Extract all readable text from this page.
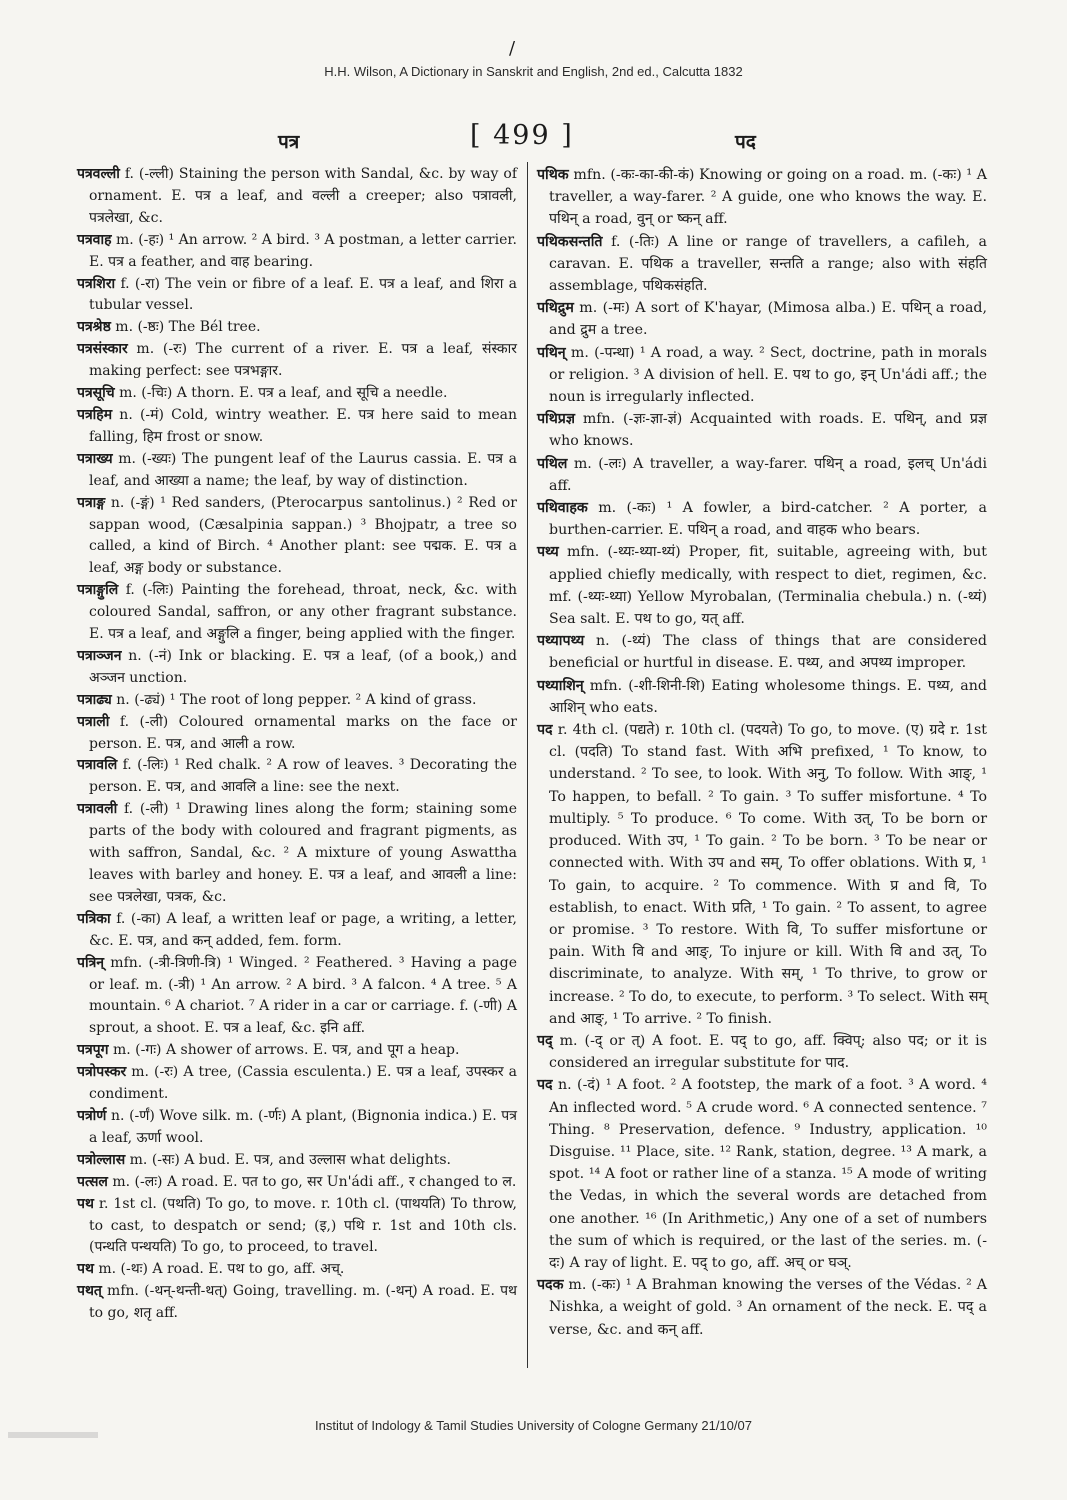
H.H. Wilson, A Dictionary in Sanskrit and English, 2nd ed., Calcutta 1832
/
पत्र	[ 499 ]	पद

पत्रवल्ली f. (-ल्ली) Staining the person with Sandal, &c. by way of ornament. E. पत्र a leaf, and वल्ली a creeper; also पत्रावली, पत्रलेखा, &c.

पत्रवाह m. (-हः) ¹ An arrow. ² A bird. ³ A postman, a letter carrier. E. पत्र a feather, and वाह bearing.

पत्रशिरा f. (-रा) The vein or fibre of a leaf. E. पत्र a leaf, and शिरा a tubular vessel.

पत्रश्रेष्ठ m. (-ष्ठः) The Bél tree.

पत्रसंस्कार m. (-रः) The current of a river. E. पत्र a leaf, संस्कार making perfect: see पत्रभङ्गार.

पत्रसूचि m. (-चिः) A thorn. E. पत्र a leaf, and सूचि a needle.

पत्रहिम n. (-मं) Cold, wintry weather. E. पत्र here said to mean falling, हिम frost or snow.

पत्राख्य m. (-ख्यः) The pungent leaf of the Laurus cassia. E. पत्र a leaf, and आख्या a name; the leaf, by way of distinction.

पत्राङ्ग n. (-ङ्गं) ¹ Red sanders, (Pterocarpus santolinus.) ² Red or sappan wood, (Cæsalpinia sappan.) ³ Bhojpatr, a tree so called, a kind of Birch. ⁴ Another plant: see पद्मक. E. पत्र a leaf, अङ्ग body or substance.

पत्राङ्गुलि f. (-लिः) Painting the forehead, throat, neck, &c. with coloured Sandal, saffron, or any other fragrant substance. E. पत्र a leaf, and अङ्गुलि a finger, being applied with the finger.

पत्राञ्जन n. (-नं) Ink or blacking. E. पत्र a leaf, (of a book,) and अञ्जन unction.

पत्राढ्य n. (-ढ्यं) ¹ The root of long pepper. ² A kind of grass.

पत्राली f. (-ली) Coloured ornamental marks on the face or person. E. पत्र, and आली a row.

पत्रावलि f. (-लिः) ¹ Red chalk. ² A row of leaves. ³ Decorating the person. E. पत्र, and आवलि a line: see the next.

पत्रावली f. (-ली) ¹ Drawing lines along the form; staining some parts of the body with coloured and fragrant pigments, as with saffron, Sandal, &c. ² A mixture of young Aswattha leaves with barley and honey. E. पत्र a leaf, and आवली a line: see पत्रलेखा, पत्रक, &c.

पत्रिका f. (-का) A leaf, a written leaf or page, a writing, a letter, &c. E. पत्र, and कन् added, fem. form.

पत्रिन् mfn. (-त्री-त्रिणी-त्रि) ¹ Winged. ² Feathered. ³ Having a page or leaf. m. (-त्री) ¹ An arrow. ² A bird. ³ A falcon. ⁴ A tree. ⁵ A mountain. ⁶ A chariot. ⁷ A rider in a car or carriage. f. (-णी) A sprout, a shoot. E. पत्र a leaf, &c. इनि aff.

पत्रपूग m. (-गः) A shower of arrows. E. पत्र, and पूग a heap.

पत्रोपस्कर m. (-रः) A tree, (Cassia esculenta.) E. पत्र a leaf, उपस्कर a condiment.

पत्रोर्ण n. (-र्णं) Wove silk. m. (-र्णः) A plant, (Bignonia indica.) E. पत्र a leaf, ऊर्णा wool.

पत्रोल्लास m. (-सः) A bud. E. पत्र, and उल्लास what delights.

पत्सल m. (-लः) A road. E. पत to go, सर Un'ádi aff., र changed to ल.

पथ r. 1st cl. (पथति) To go, to move. r. 10th cl. (पाथयति) To throw, to cast, to despatch or send; (इ,) पथि r. 1st and 10th cls. (पन्थति पन्थयति) To go, to proceed, to travel.

पथ m. (-थः) A road. E. पथ to go, aff. अच्.

पथत् mfn. (-थन्-थन्ती-थत्) Going, travelling. m. (-थन्) A road. E. पथ to go, शतृ aff.

पथिक mfn. (-कः-का-की-कं) Knowing or going on a road. m. (-कः) ¹ A traveller, a way-farer. ² A guide, one who knows the way. E. पथिन् a road, वुन् or ष्कन् aff.

पथिकसन्तति f. (-तिः) A line or range of travellers, a cafileh, a caravan. E. पथिक a traveller, सन्तति a range; also with संहति assemblage, पथिकसंहति.

पथिद्रुम m. (-मः) A sort of K'hayar, (Mimosa alba.) E. पथिन् a road, and द्रुम a tree.

पथिन् m. (-पन्था) ¹ A road, a way. ² Sect, doctrine, path in morals or religion. ³ A division of hell. E. पथ to go, इन् Un'ádi aff.; the noun is irregularly inflected.

पथिप्रज्ञ mfn. (-ज्ञः-ज्ञा-ज्ञं) Acquainted with roads. E. पथिन्, and प्रज्ञ who knows.

पथिल m. (-लः) A traveller, a way-farer. पथिन् a road, इलच् Un'ádi aff.

पथिवाहक m. (-कः) ¹ A fowler, a bird-catcher. ² A porter, a burthen-carrier. E. पथिन् a road, and वाहक who bears.

पथ्य mfn. (-थ्यः-थ्या-थ्यं) Proper, fit, suitable, agreeing with, but applied chiefly medically, with respect to diet, regimen, &c. mf. (-थ्यः-थ्या) Yellow Myrobalan, (Terminalia chebula.) n. (-थ्यं) Sea salt. E. पथ to go, यत् aff.

पथ्यापथ्य n. (-थ्यं) The class of things that are considered beneficial or hurtful in disease. E. पथ्य, and अपथ्य improper.

पथ्याशिन् mfn. (-शी-शिनी-शि) Eating wholesome things. E. पथ्य, and आशिन् who eats.

पद r. 4th cl. (पद्यते) r. 10th cl. (पदयते) To go, to move. (ए) ग्रदे r. 1st cl. (पदति) To stand fast. With अभि prefixed, ¹ To know, to understand. ² To see, to look. With अनु, To follow. With आङ्, ¹ To happen, to befall. ² To gain. ³ To suffer misfortune. ⁴ To multiply. ⁵ To produce. ⁶ To come. With उत्, To be born or produced. With उप, ¹ To gain. ² To be born. ³ To be near or connected with. With उप and सम्, To offer oblations. With प्र, ¹ To gain, to acquire. ² To commence. With प्र and वि, To establish, to enact. With प्रति, ¹ To gain. ² To assent, to agree or promise. ³ To restore. With वि, To suffer misfortune or pain. With वि and आङ्, To injure or kill. With वि and उत्, To discriminate, to analyze. With सम्, ¹ To thrive, to grow or increase. ² To do, to execute, to perform. ³ To select. With सम् and आङ्, ¹ To arrive. ² To finish.

पद् m. (-द् or त्) A foot. E. पद् to go, aff. क्विप्; also पद; or it is considered an irregular substitute for पाद.

पद n. (-दं) ¹ A foot. ² A footstep, the mark of a foot. ³ A word. ⁴ An inflected word. ⁵ A crude word. ⁶ A connected sentence. ⁷ Thing. ⁸ Preservation, defence. ⁹ Industry, application. ¹⁰ Disguise. ¹¹ Place, site. ¹² Rank, station, degree. ¹³ A mark, a spot. ¹⁴ A foot or rather line of a stanza. ¹⁵ A mode of writing the Vedas, in which the several words are detached from one another. ¹⁶ (In Arithmetic,) Any one of a set of numbers the sum of which is required, or the last of the series. m. (-दः) A ray of light. E. पद् to go, aff. अच् or घञ्.

पदक m. (-कः) ¹ A Brahman knowing the verses of the Védas. ² A Nishka, a weight of gold. ³ An ornament of the neck. E. पद् a verse, &c. and कन् aff.

Institut of Indology & Tamil Studies University of Cologne Germany 21/10/07
